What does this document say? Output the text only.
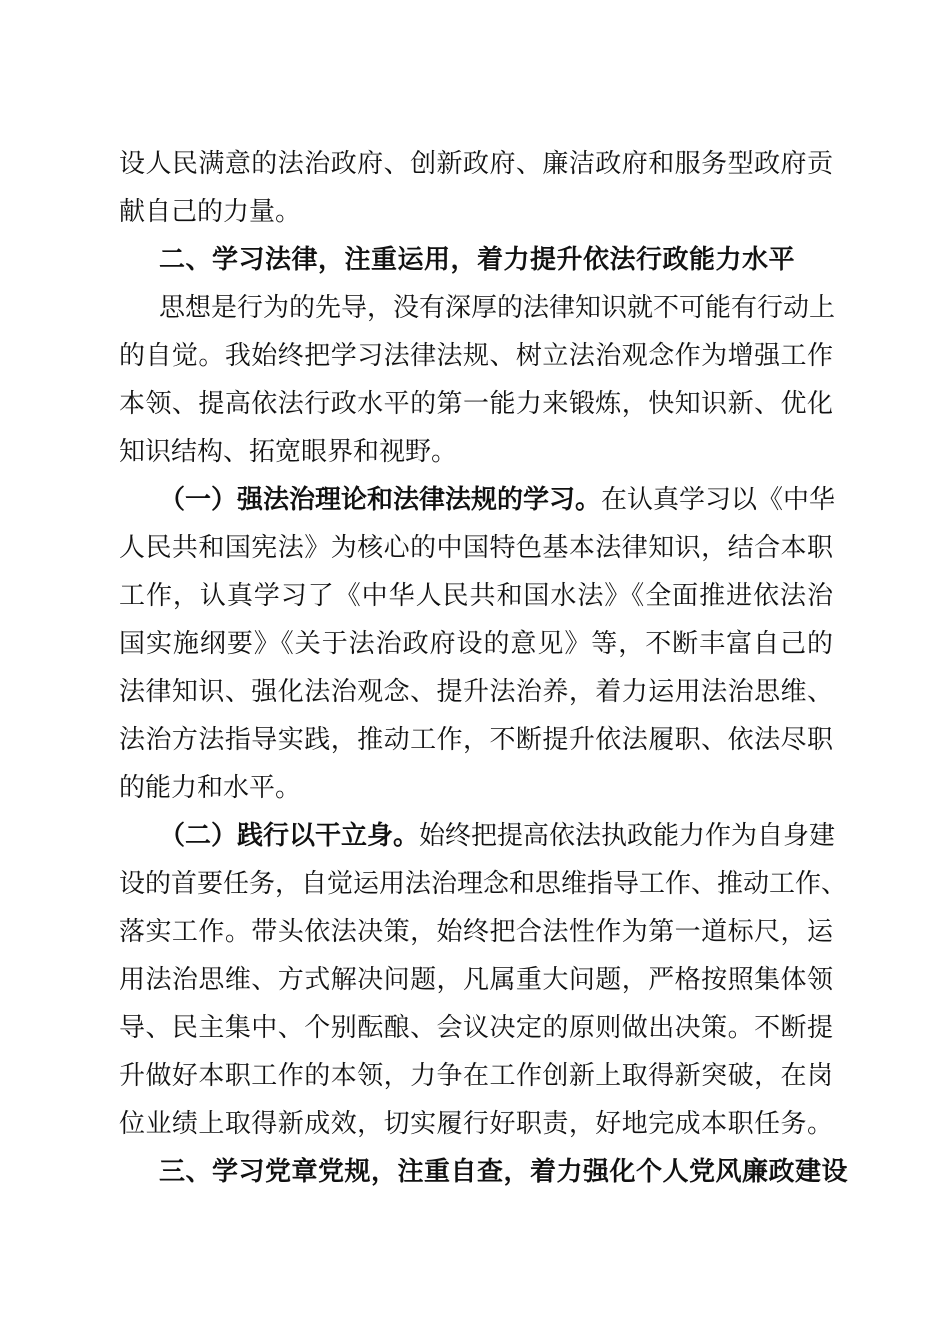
设人民满意的法治政府、创新政府、廉洁政府和服务型政府贡
献自己的力量。
二、学习法律，注重运用，着力提升依法行政能力水平
思想是行为的先导，没有深厚的法律知识就不可能有行动上
的自觉。我始终把学习法律法规、树立法治观念作为增强工作
本领、提高依法行政水平的第一能力来锻炼，快知识新、优化
知识结构、拓宽眼界和视野。
（一）强法治理论和法律法规的学习。在认真学习以《中华
人民共和国宪法》为核心的中国特色基本法律知识，结合本职
工作，认真学习了《中华人民共和国水法》《全面推进依法治
国实施纲要》《关于法治政府设的意见》等，不断丰富自己的
法律知识、强化法治观念、提升法治养，着力运用法治思维、
法治方法指导实践，推动工作，不断提升依法履职、依法尽职
的能力和水平。
（二）践行以干立身。始终把提高依法执政能力作为自身建
设的首要任务，自觉运用法治理念和思维指导工作、推动工作、
落实工作。带头依法决策，始终把合法性作为第一道标尺，运
用法治思维、方式解决问题，凡属重大问题，严格按照集体领
导、民主集中、个别酝酿、会议决定的原则做出决策。不断提
升做好本职工作的本领，力争在工作创新上取得新突破，在岗
位业绩上取得新成效，切实履行好职责，好地完成本职任务。
三、学习党章党规，注重自查，着力强化个人党风廉政建设
